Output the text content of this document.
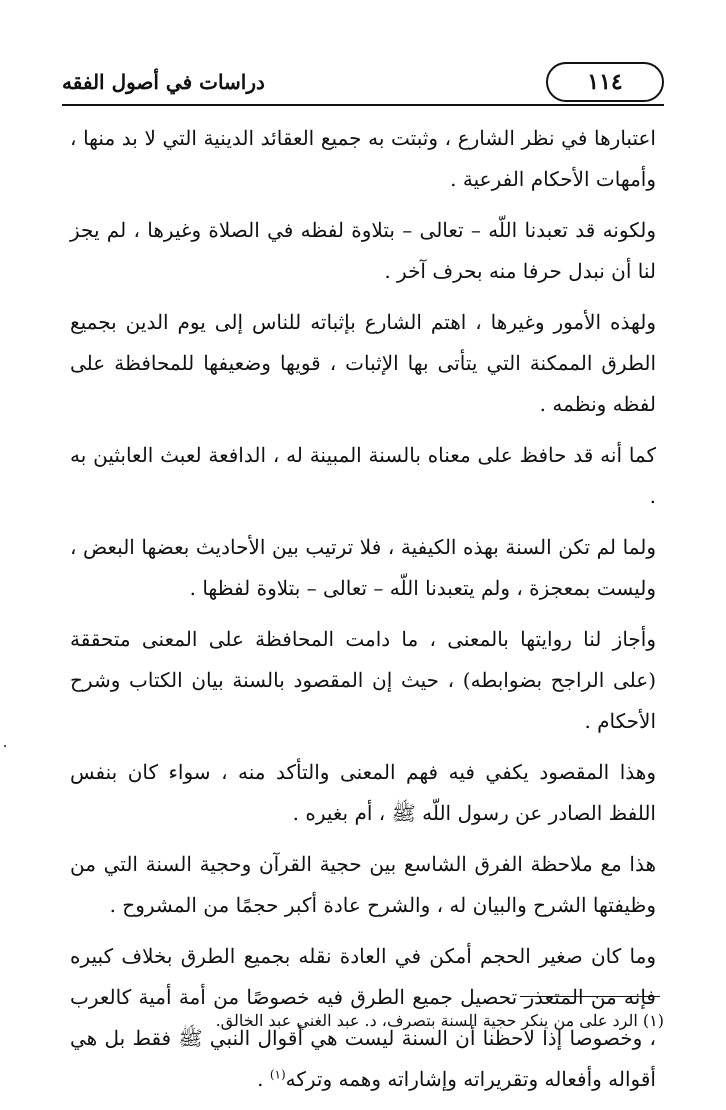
١١٤
دراسات في أصول الفقه

اعتبارها في نظر الشارع ، وثبتت به جميع العقائد الدينية التي لا بد منها ، وأمهات الأحكام الفرعية .

ولكونه قد تعبدنا اللّه – تعالى – بتلاوة لفظه في الصلاة وغيرها ، لم يجز لنا أن نبدل حرفا منه بحرف آخر .

ولهذه الأمور وغيرها ، اهتم الشارع بإثباته للناس إلى يوم الدين بجميع الطرق الممكنة التي يتأتى بها الإثبات ، قويها وضعيفها للمحافظة على لفظه ونظمه .

كما أنه قد حافظ على معناه بالسنة المبينة له ، الدافعة لعبث العابثين به .

ولما لم تكن السنة بهذه الكيفية ، فلا ترتيب بين الأحاديث بعضها البعض ، وليست بمعجزة ، ولم يتعبدنا اللّه – تعالى – بتلاوة لفظها .

وأجاز لنا روايتها بالمعنى ، ما دامت المحافظة على المعنى متحققة (على الراجح بضوابطه) ، حيث إن المقصود بالسنة بيان الكتاب وشرح الأحكام .

وهذا المقصود يكفي فيه فهم المعنى والتأكد منه ، سواء كان بنفس اللفظ الصادر عن رسول اللّه ﷺ ، أم بغيره .

هذا مع ملاحظة الفرق الشاسع بين حجية القرآن وحجية السنة التي من وظيفتها الشرح والبيان له ، والشرح عادة أكبر حجمًا من المشروح .

وما كان صغير الحجم أمكن في العادة نقله بجميع الطرق بخلاف كبيره فإنه من المتعذر تحصيل جميع الطرق فيه خصوصًا من أمة أمية كالعرب ، وخصوصا إذا لاحظنا أن السنة ليست هي أقوال النبي ﷺ فقط بل هي أقواله وأفعاله وتقريراته وإشاراته وهمه وتركه$^{(١)}$ .

(١) الرد على من ينكر حجية السنة بتصرف، د. عبد الغني عبد الخالق.
